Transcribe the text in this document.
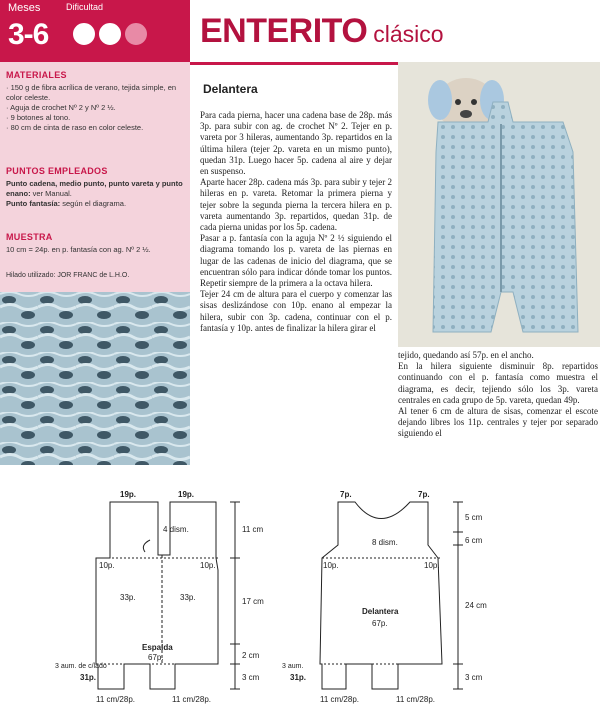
Meses
3-6
Dificultad
ENTERITO clásico
MATERIALES
· 150 g de fibra acrílica de verano, tejida simple, en color celeste.
· Aguja de crochet Nº 2 y Nº 2 ½.
· 9 botones al tono.
· 80 cm de cinta de raso en color celeste.
PUNTOS EMPLEADOS
Punto cadena, medio punto, punto vareta y punto enano: ver Manual.
Punto fantasía: según el diagrama.
MUESTRA
10 cm = 24p. en p. fantasía con ag. Nº 2 ½.
Hilado utilizado: JOR FRANC de L.H.O.
Delantera

Para cada pierna, hacer una cadena base de 28p. más 3p. para subir con ag. de crochet Nº 2. Tejer en p. vareta por 3 hileras, aumentando 3p. repartidos en la última hilera (tejer 2p. vareta en un mismo punto), quedan 31p. Luego hacer 5p. cadena al aire y dejar en suspenso.

Aparte hacer 28p. cadena más 3p. para subir y tejer 2 hileras en p. vareta. Retomar la primera pierna y tejer sobre la segunda pierna la tercera hilera en p. vareta aumentando 3p. repartidos, quedan 31p. de cada pierna unidas por los 5p. cadena.

Pasar a p. fantasía con la aguja Nº 2 ½ siguiendo el diagrama tomando los p. vareta de las piernas en lugar de las cadenas de inicio del diagrama, que se encuentran sólo para indicar dónde tomar los puntos. Repetir siempre de la primera a la octava hilera.

Tejer 24 cm de altura para el cuerpo y comenzar las sisas deslizándose con 10p. enano al empezar la hilera, subir con 3p. cadena, continuar con el p. fantasía y 10p. antes de finalizar la hilera girar el

tejido, quedando así 57p. en el ancho.

En la hilera siguiente disminuir 8p. repartidos continuando con el p. fantasía como muestra el diagrama, es decir, tejiendo sólo los 3p. vareta centrales en cada grupo de 5p. vareta, quedan 49p.

Al tener 6 cm de altura de sisas, comenzar el escote dejando libres los 11p. centrales y tejer por separado siguiendo el

19p.	19p.
4 dism.
10p.	10p.
33p.	33p.
Espalda
67p.
3 aum. de c/lado
31p.
11 cm/28p.	11 cm/28p.
11 cm
17 cm
2 cm
3 cm
7p.	7p.
8 dism.
10p.	10p.
Delantera
67p.
3 aum.
31p.
11 cm/28p.	11 cm/28p.
5 cm
6 cm
24 cm
3 cm
